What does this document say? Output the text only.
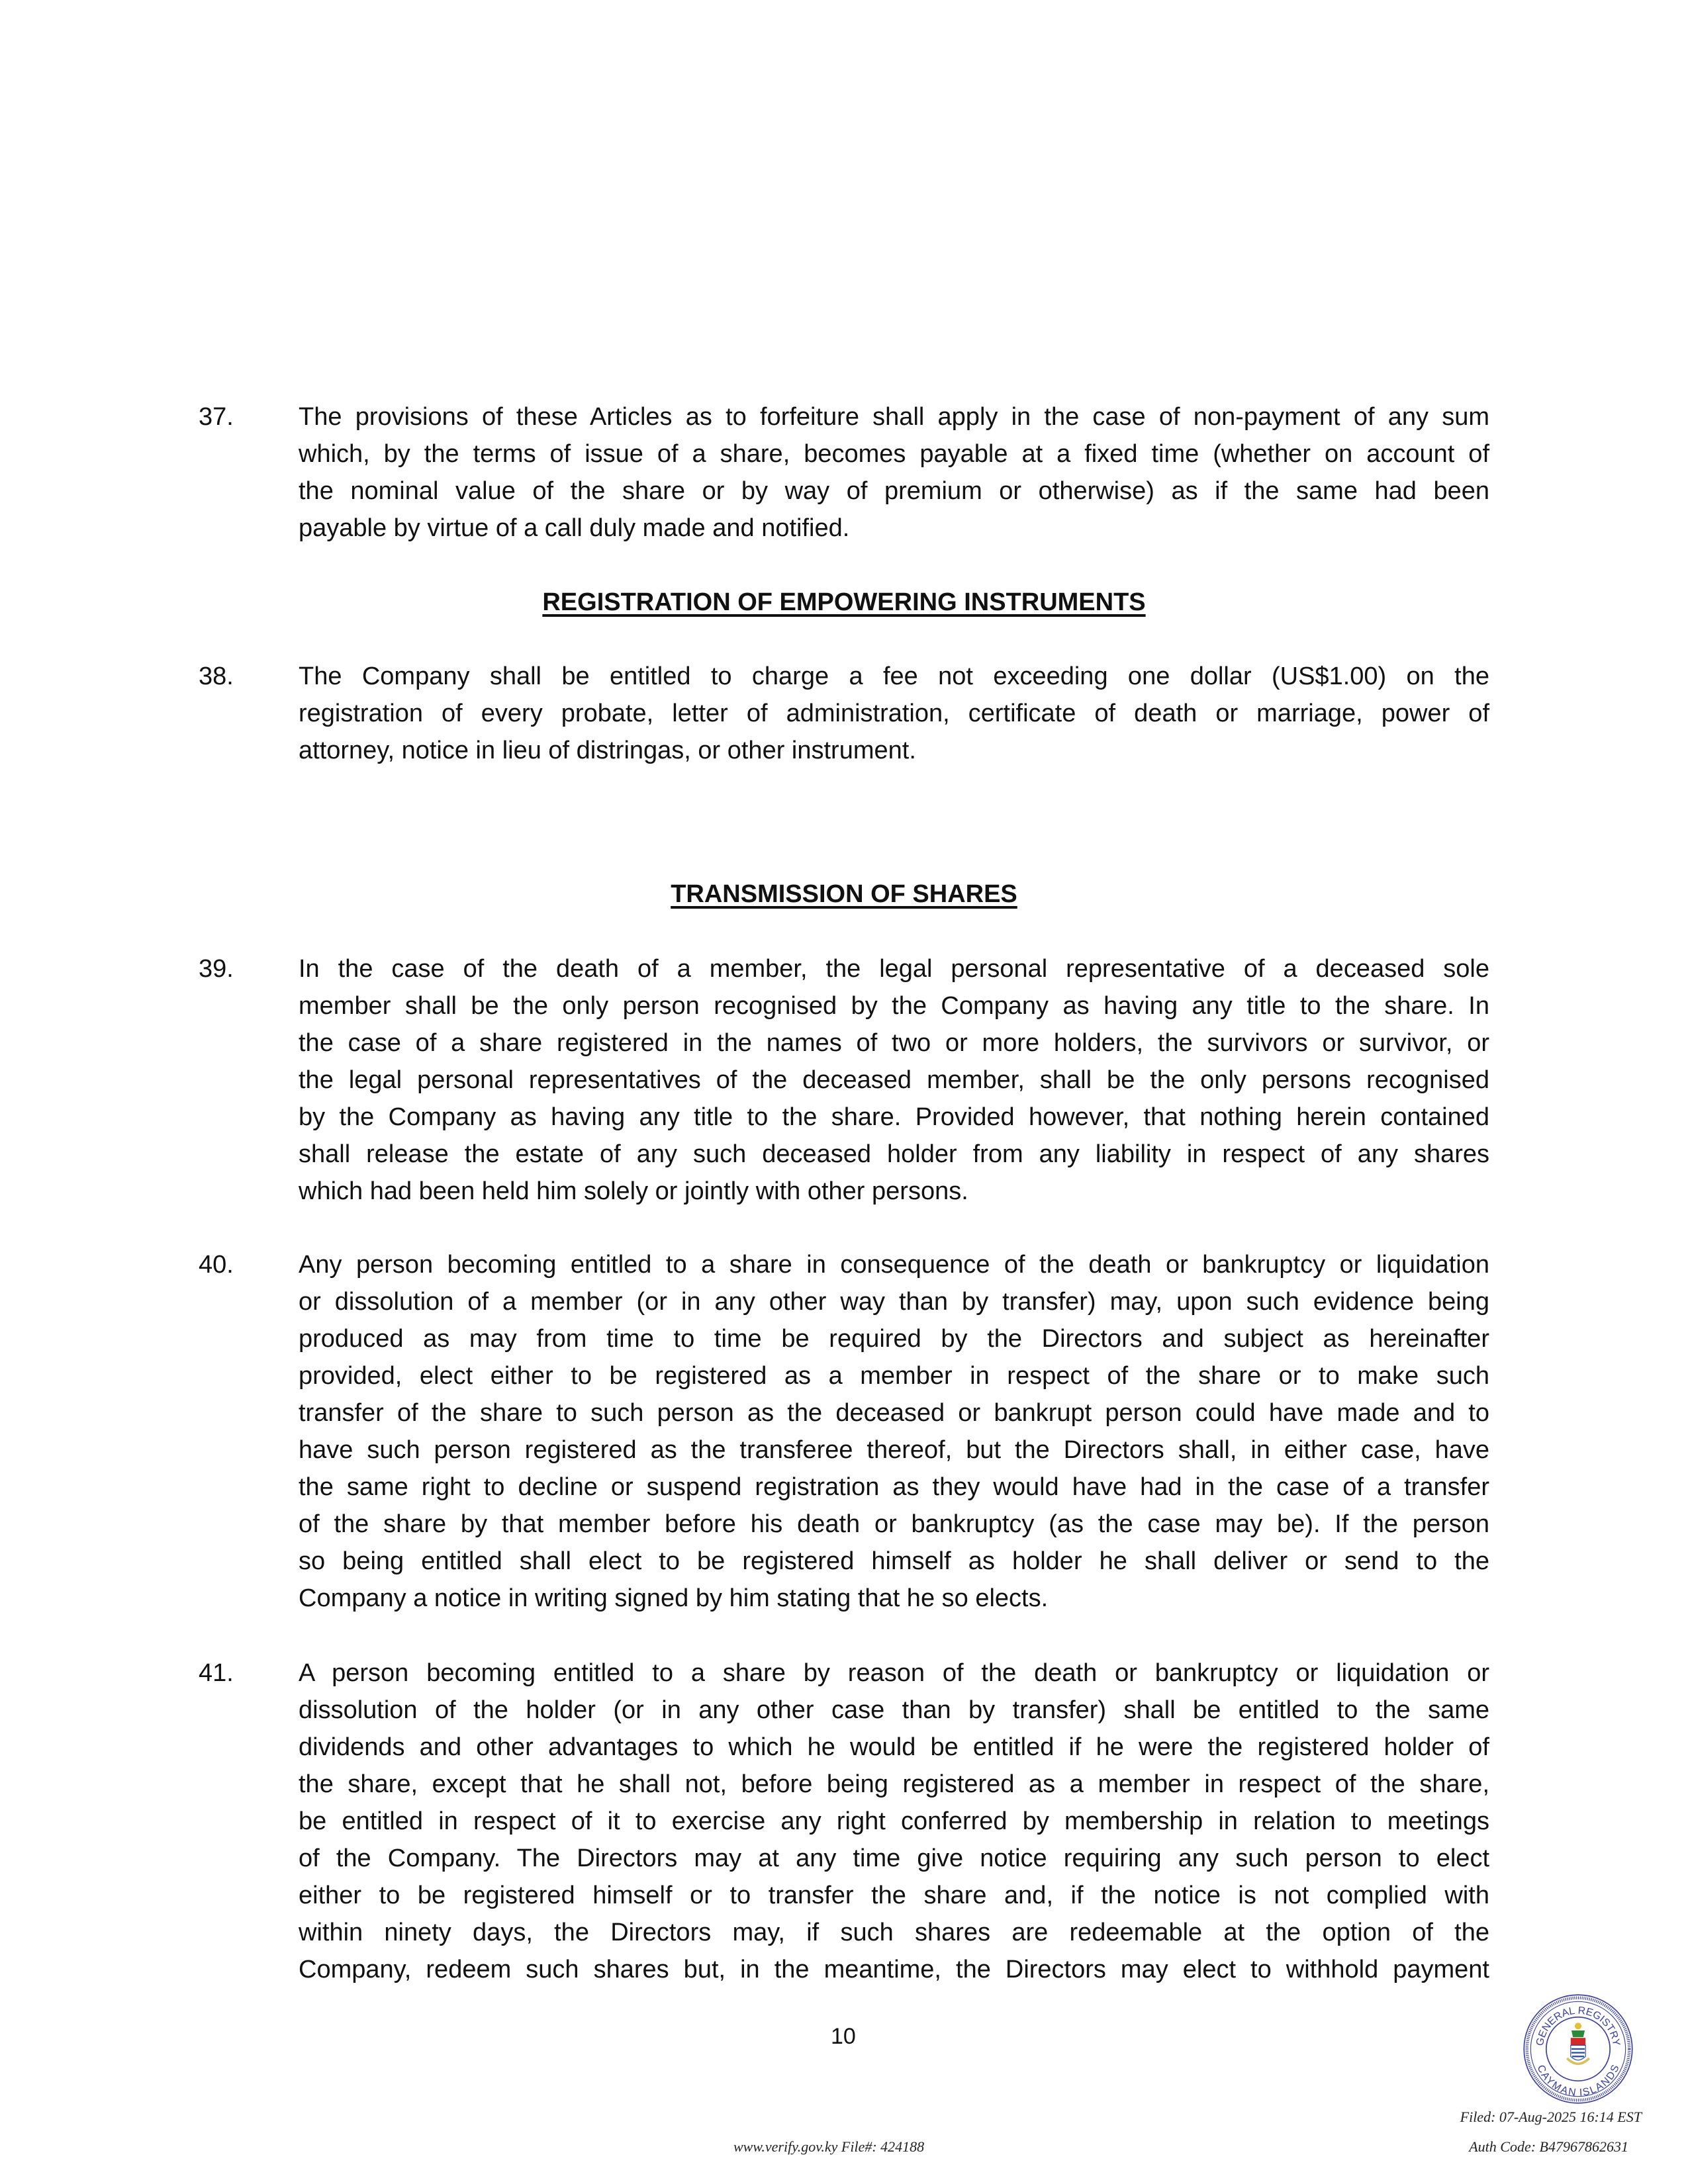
37.	The provisions of these Articles as to forfeiture shall apply in the case of non-payment of any sum
which, by the terms of issue of a share, becomes payable at a fixed time (whether on account of
the nominal value of the share or by way of premium or otherwise) as if the same had been
payable by virtue of a call duly made and notified.
REGISTRATION OF EMPOWERING INSTRUMENTS
38.	The Company shall be entitled to charge a fee not exceeding one dollar (US$1.00) on the
registration of every probate, letter of administration, certificate of death or marriage, power of
attorney, notice in lieu of distringas, or other instrument.
TRANSMISSION OF SHARES
39.	In the case of the death of a member, the legal personal representative of a deceased sole
member shall be the only person recognised by the Company as having any title to the share. In
the case of a share registered in the names of two or more holders, the survivors or survivor, or
the legal personal representatives of the deceased member, shall be the only persons recognised
by the Company as having any title to the share. Provided however, that nothing herein contained
shall release the estate of any such deceased holder from any liability in respect of any shares
which had been held him solely or jointly with other persons.
40.	Any person becoming entitled to a share in consequence of the death or bankruptcy or liquidation
or dissolution of a member (or in any other way than by transfer) may, upon such evidence being
produced as may from time to time be required by the Directors and subject as hereinafter
provided, elect either to be registered as a member in respect of the share or to make such
transfer of the share to such person as the deceased or bankrupt person could have made and to
have such person registered as the transferee thereof, but the Directors shall, in either case, have
the same right to decline or suspend registration as they would have had in the case of a transfer
of the share by that member before his death or bankruptcy (as the case may be). If the person
so being entitled shall elect to be registered himself as holder he shall deliver or send to the
Company a notice in writing signed by him stating that he so elects.
41.	A person becoming entitled to a share by reason of the death or bankruptcy or liquidation or
dissolution of the holder (or in any other case than by transfer) shall be entitled to the same
dividends and other advantages to which he would be entitled if he were the registered holder of
the share, except that he shall not, before being registered as a member in respect of the share,
be entitled in respect of it to exercise any right conferred by membership in relation to meetings
of the Company. The Directors may at any time give notice requiring any such person to elect
either to be registered himself or to transfer the share and, if the notice is not complied with
within ninety days, the Directors may, if such shares are redeemable at the option of the
Company, redeem such shares but, in the meantime, the Directors may elect to withhold payment
10	GENERAL REGISTRY
CAYMAN ISLANDS
Filed: 07-Aug-2025 16:14 EST
Auth Code: B47967862631
www.verify.gov.ky File#: 424188
